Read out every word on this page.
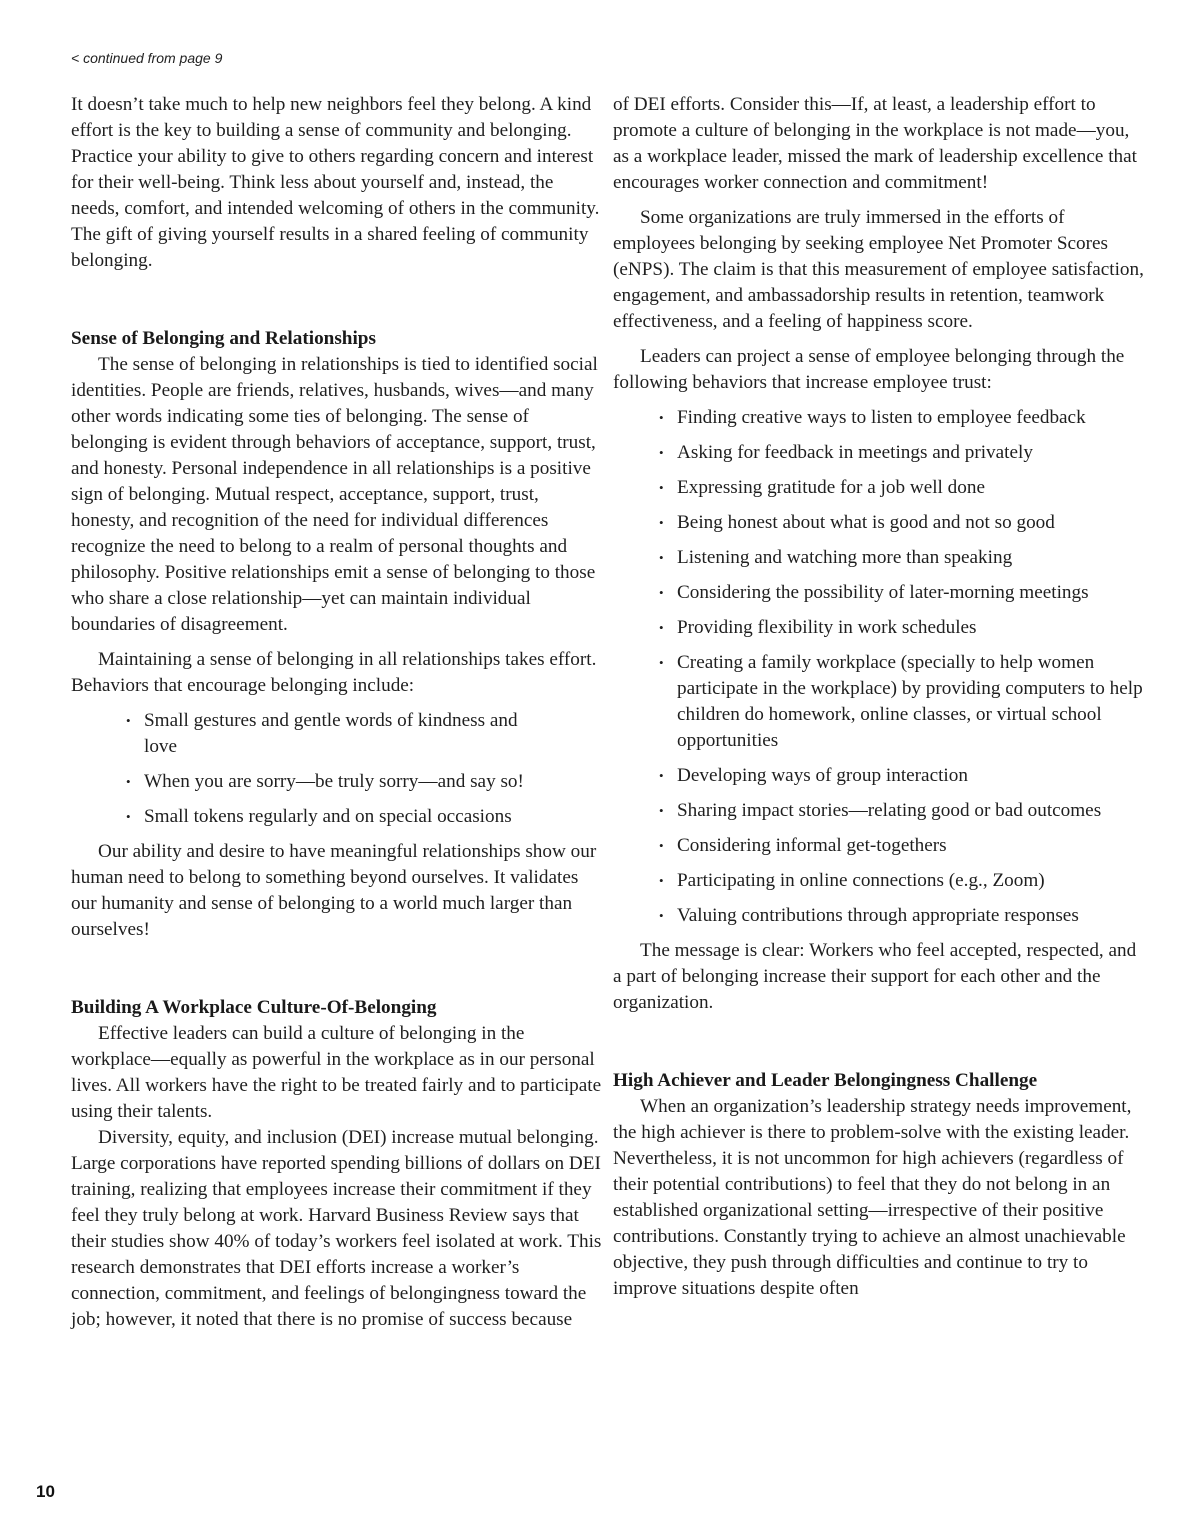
< continued from page 9

It doesn’t take much to help new neighbors feel they belong. A kind effort is the key to building a sense of community and belonging. Practice your ability to give to others regarding concern and interest for their well-being. Think less about yourself and, instead, the needs, comfort, and intended welcoming of others in the community. The gift of giving yourself results in a shared feeling of community belonging.

Sense of Belonging and Relationships

The sense of belonging in relationships is tied to identified social identities. People are friends, relatives, husbands, wives—and many other words indicating some ties of belonging. The sense of belonging is evident through behaviors of acceptance, support, trust, and honesty. Personal independence in all relationships is a positive sign of belonging. Mutual respect, acceptance, support, trust, honesty, and recognition of the need for individual differences recognize the need to belong to a realm of personal thoughts and philosophy. Positive relationships emit a sense of belonging to those who share a close relationship—yet can maintain individual boundaries of disagreement.

Maintaining a sense of belonging in all relationships takes effort. Behaviors that encourage belonging include:

• Small gestures and gentle words of kindness and love
• When you are sorry—be truly sorry—and say so!
• Small tokens regularly and on special occasions

Our ability and desire to have meaningful relationships show our human need to belong to something beyond ourselves. It validates our humanity and sense of belonging to a world much larger than ourselves!

Building A Workplace Culture-Of-Belonging

Effective leaders can build a culture of belonging in the workplace—equally as powerful in the workplace as in our personal lives. All workers have the right to be treated fairly and to participate using their talents.

Diversity, equity, and inclusion (DEI) increase mutual belonging. Large corporations have reported spending billions of dollars on DEI training, realizing that employees increase their commitment if they feel they truly belong at work. Harvard Business Review says that their studies show 40% of today’s workers feel isolated at work. This research demonstrates that DEI efforts increase a worker’s connection, commitment, and feelings of belongingness toward the job; however, it noted that there is no promise of success because

of DEI efforts. Consider this—If, at least, a leadership effort to promote a culture of belonging in the workplace is not made—you, as a workplace leader, missed the mark of leadership excellence that encourages worker connection and commitment!

Some organizations are truly immersed in the efforts of employees belonging by seeking employee Net Promoter Scores (eNPS). The claim is that this measurement of employee satisfaction, engagement, and ambassadorship results in retention, teamwork effectiveness, and a feeling of happiness score.

Leaders can project a sense of employee belonging through the following behaviors that increase employee trust:

• Finding creative ways to listen to employee feedback
• Asking for feedback in meetings and privately
• Expressing gratitude for a job well done
• Being honest about what is good and not so good
• Listening and watching more than speaking
• Considering the possibility of later-morning meetings
• Providing flexibility in work schedules
• Creating a family workplace (specially to help women participate in the workplace) by providing computers to help children do homework, online classes, or virtual school opportunities
• Developing ways of group interaction
• Sharing impact stories—relating good or bad outcomes
• Considering informal get-togethers
• Participating in online connections (e.g., Zoom)
• Valuing contributions through appropriate responses

The message is clear: Workers who feel accepted, respected, and a part of belonging increase their support for each other and the organization.

High Achiever and Leader Belongingness Challenge

When an organization’s leadership strategy needs improvement, the high achiever is there to problem-solve with the existing leader. Nevertheless, it is not uncommon for high achievers (regardless of their potential contributions) to feel that they do not belong in an established organizational setting—irrespective of their positive contributions. Constantly trying to achieve an almost unachievable objective, they push through difficulties and continue to try to improve situations despite often

10
